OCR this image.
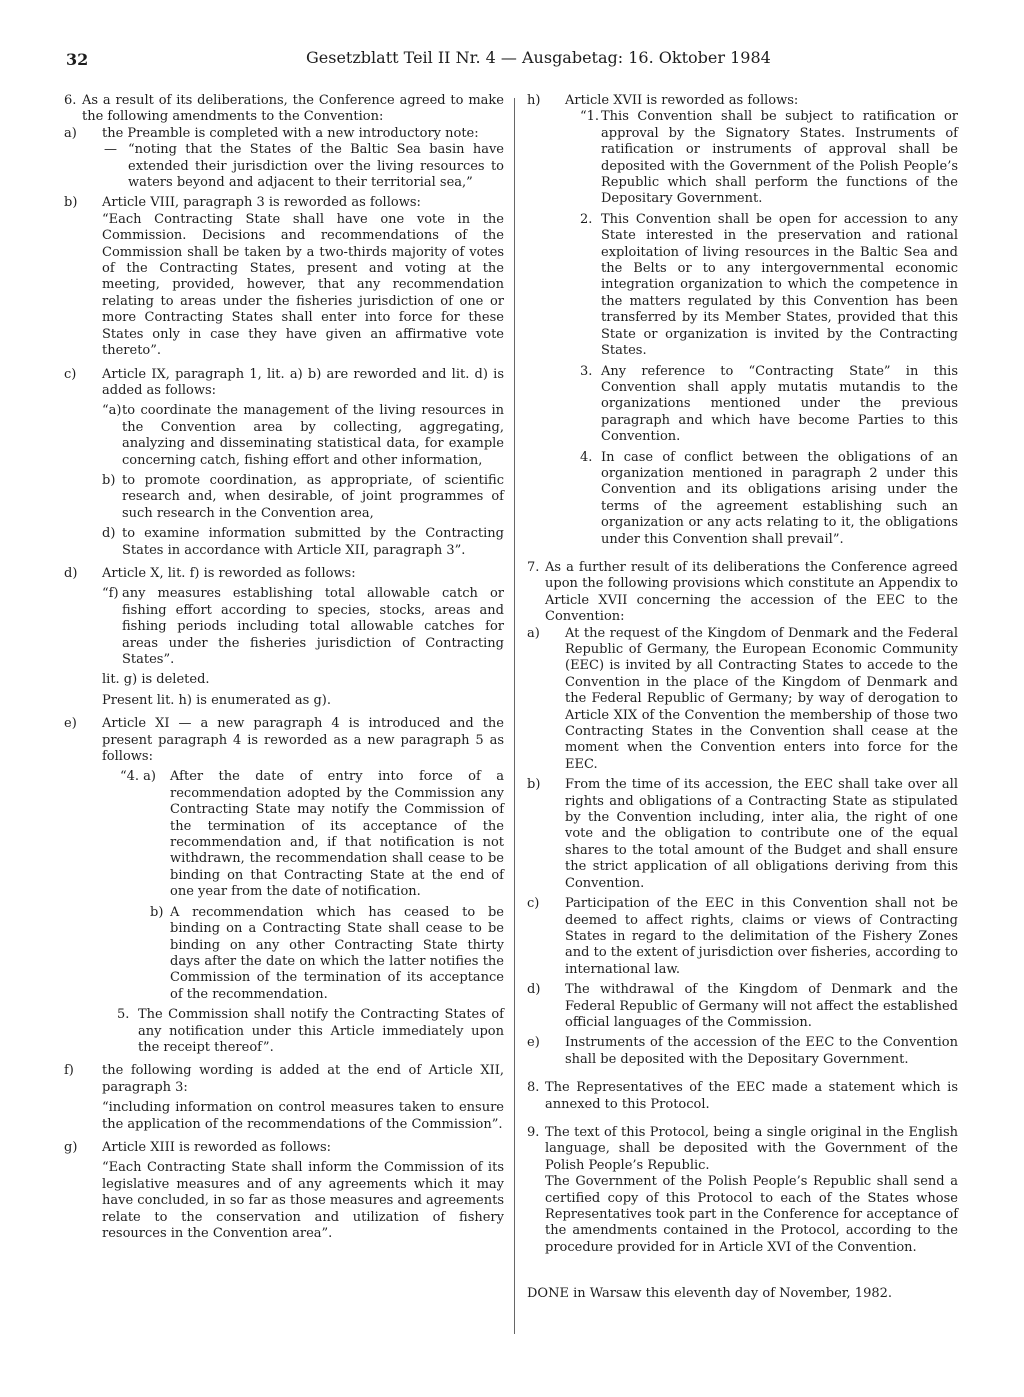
32	Gesetzblatt Teil II Nr. 4 — Ausgabetag: 16. Oktober 1984
6. As a result of its deliberations, the Conference agreed to make the following amendments to the Convention:

a)	the Preamble is completed with a new introductory note:

— “noting that the States of the Baltic Sea basin have extended their jurisdiction over the living resources to waters beyond and adjacent to their territorial sea,”

b)	Article VIII, paragraph 3 is reworded as follows:

“Each Contracting State shall have one vote in the Commission. Decisions and recommendations of the Commission shall be taken by a two-thirds majority of votes of the Contracting States, present and voting at the meeting, provided, however, that any recommendation relating to areas under the fisheries jurisdiction of one or more Contracting States shall enter into force for these States only in case they have given an affirmative vote thereto”.

c)	Article IX, paragraph 1, lit. a) b) are reworded and lit. d) is added as follows:

“a) to coordinate the management of the living resources in the Convention area by collecting, aggregating, analyzing and disseminating statistical data, for example concerning catch, fishing effort and other information,

b) to promote coordination, as appropriate, of scientific research and, when desirable, of joint programmes of such research in the Convention area,

d) to examine information submitted by the Contracting States in accordance with Article XII, paragraph 3”.

d)	Article X, lit. f) is reworded as follows:

“f) any measures establishing total allowable catch or fishing effort according to species, stocks, areas and fishing periods including total allowable catches for areas under the fisheries jurisdiction of Contracting States”.

lit. g) is deleted.

Present lit. h) is enumerated as g).

e)	Article XI — a new paragraph 4 is introduced and the present paragraph 4 is reworded as a new paragraph 5 as follows:

“4. a) After the date of entry into force of a recommendation adopted by the Commission any Contracting State may notify the Commission of the termination of its acceptance of the recommendation and, if that notification is not withdrawn, the recommendation shall cease to be binding on that Contracting State at the end of one year from the date of notification.

b) A recommendation which has ceased to be binding on a Contracting State shall cease to be binding on any other Contracting State thirty days after the date on which the latter notifies the Commission of the termination of its acceptance of the recommendation.

5. The Commission shall notify the Contracting States of any notification under this Article immediately upon the receipt thereof”.

f)	the following wording is added at the end of Article XII, paragraph 3:

“including information on control measures taken to ensure the application of the recommendations of the Commission”.

g)	Article XIII is reworded as follows:

“Each Contracting State shall inform the Commission of its legislative measures and of any agreements which it may have concluded, in so far as those measures and agreements relate to the conservation and utilization of fishery resources in the Convention area”.

h)	Article XVII is reworded as follows:

“1. This Convention shall be subject to ratification or approval by the Signatory States. Instruments of ratification or instruments of approval shall be deposited with the Government of the Polish People’s Republic which shall perform the functions of the Depositary Government.

2. This Convention shall be open for accession to any State interested in the preservation and rational exploitation of living resources in the Baltic Sea and the Belts or to any intergovernmental economic integration organization to which the competence in the matters regulated by this Convention has been transferred by its Member States, provided that this State or organization is invited by the Contracting States.

3. Any reference to “Contracting State” in this Convention shall apply mutatis mutandis to the organizations mentioned under the previous paragraph and which have become Parties to this Convention.

4. In case of conflict between the obligations of an organization mentioned in paragraph 2 under this Convention and its obligations arising under the terms of the agreement establishing such an organization or any acts relating to it, the obligations under this Convention shall prevail”.

7. As a further result of its deliberations the Conference agreed upon the following provisions which constitute an Appendix to Article XVII concerning the accession of the EEC to the Convention:

a)	At the request of the Kingdom of Denmark and the Federal Republic of Germany, the European Economic Community (EEC) is invited by all Contracting States to accede to the Convention in the place of the Kingdom of Denmark and the Federal Republic of Germany; by way of derogation to Article XIX of the Convention the membership of those two Contracting States in the Convention shall cease at the moment when the Convention enters into force for the EEC.

b)	From the time of its accession, the EEC shall take over all rights and obligations of a Contracting State as stipulated by the Convention including, inter alia, the right of one vote and the obligation to contribute one of the equal shares to the total amount of the Budget and shall ensure the strict application of all obligations deriving from this Convention.

c)	Participation of the EEC in this Convention shall not be deemed to affect rights, claims or views of Contracting States in regard to the delimitation of the Fishery Zones and to the extent of jurisdiction over fisheries, according to international law.

d)	The withdrawal of the Kingdom of Denmark and the Federal Republic of Germany will not affect the established official languages of the Commission.

e)	Instruments of the accession of the EEC to the Convention shall be deposited with the Depositary Government.

8. The Representatives of the EEC made a statement which is annexed to this Protocol.

9. The text of this Protocol, being a single original in the English language, shall be deposited with the Government of the Polish People’s Republic.

The Government of the Polish People’s Republic shall send a certified copy of this Protocol to each of the States whose Representatives took part in the Conference for acceptance of the amendments contained in the Protocol, according to the procedure provided for in Article XVI of the Convention.

DONE in Warsaw this eleventh day of November, 1982.
